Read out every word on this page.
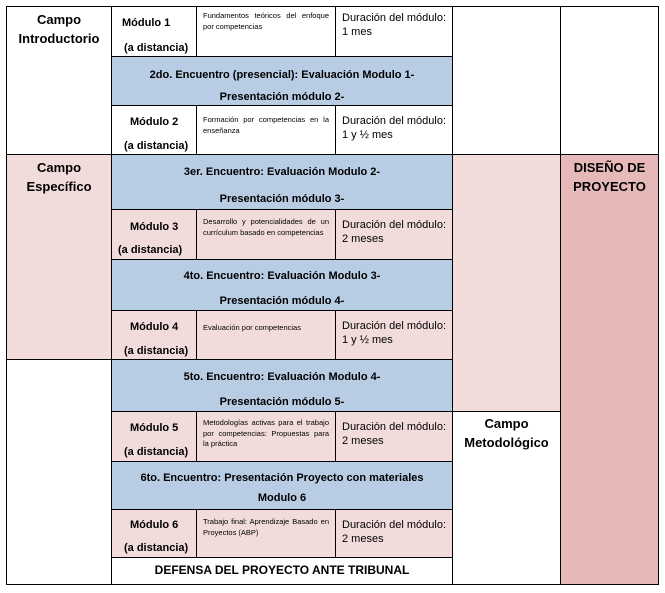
Campo
Introductorio
Campo
Específico
Módulo 1
(a distancia)
Fundamentos teóricos del enfoque por competencias
Duración del módulo: 1 mes
2do. Encuentro (presencial): Evaluación Modulo 1-
Presentación módulo 2-
Módulo 2
(a distancia)
Formación por competencias en la enseñanza
Duración del módulo: 1 y ½ mes
3er. Encuentro: Evaluación Modulo 2-
Presentación módulo 3-
Módulo 3
(a distancia)
Desarrollo y potencialidades de un currículum basado en competencias
Duración del módulo: 2 meses
4to. Encuentro: Evaluación Modulo 3-
Presentación módulo 4-
Módulo 4
(a distancia)
Evaluación por competencias	Duración del módulo: 1 y ½ mes
5to. Encuentro: Evaluación Modulo 4-
Presentación módulo 5-
Módulo 5
(a distancia)
Metodologías activas para el trabajo por competencias: Propuestas para la práctica
Duración del módulo: 2 meses
6to. Encuentro: Presentación Proyecto con materiales
Modulo 6
Módulo 6
(a distancia)
Trabajo final: Aprendizaje Basado en Proyectos (ABP)
Duración del módulo: 2 meses
DEFENSA DEL PROYECTO ANTE TRIBUNAL
Campo
Metodológico
DISEÑO DE
PROYECTO
